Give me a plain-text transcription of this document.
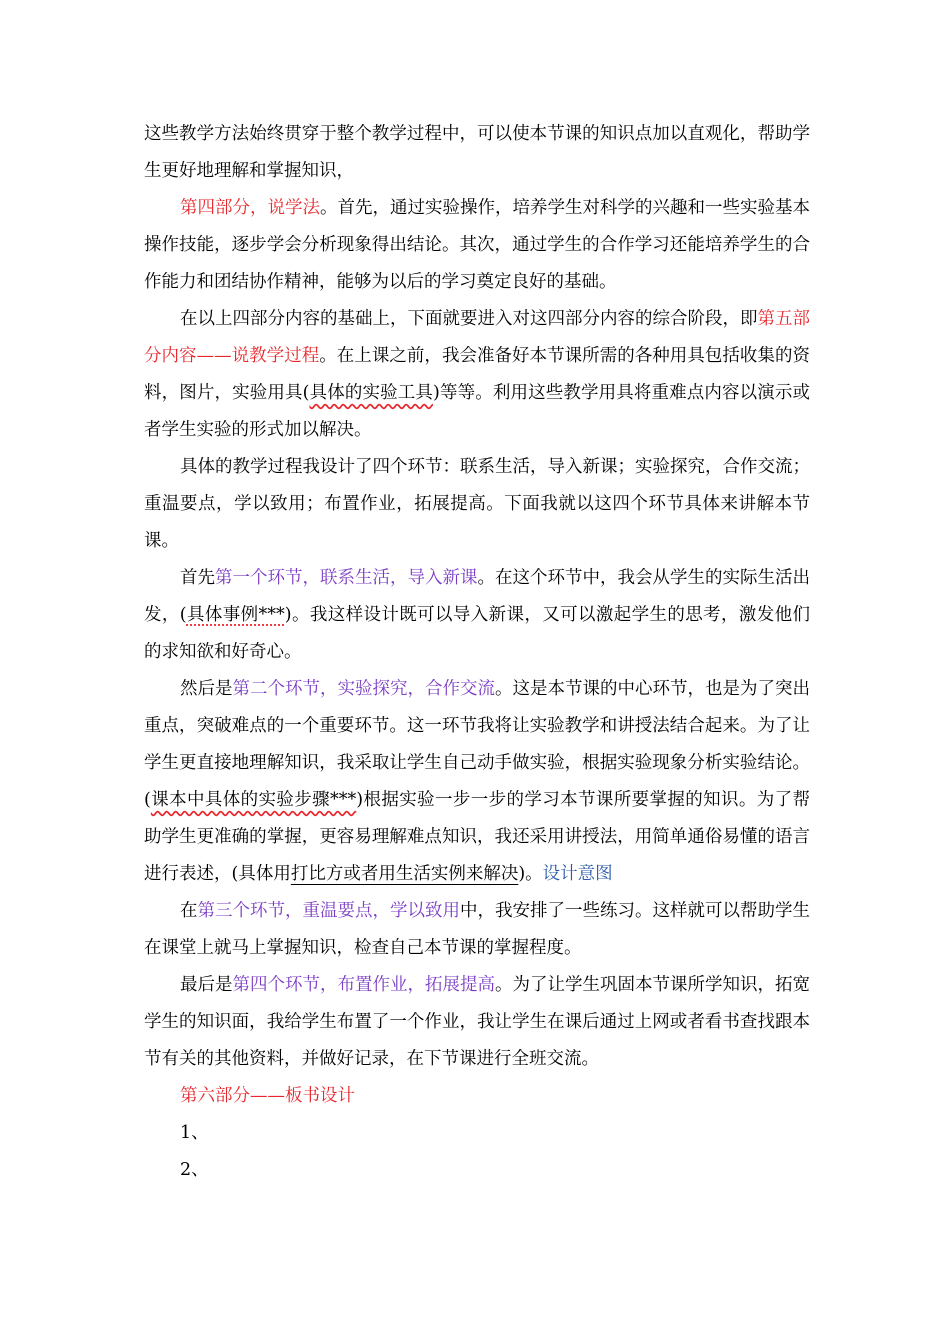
这些教学方法始终贯穿于整个教学过程中，可以使本节课的知识点加以直观化，帮助学生更好地理解和掌握知识，

第四部分，说学法。首先，通过实验操作，培养学生对科学的兴趣和一些实验基本操作技能，逐步学会分析现象得出结论。其次，通过学生的合作学习还能培养学生的合作能力和团结协作精神，能够为以后的学习奠定良好的基础。

在以上四部分内容的基础上，下面就要进入对这四部分内容的综合阶段，即第五部分内容——说教学过程。在上课之前，我会准备好本节课所需的各种用具包括收集的资料，图片，实验用具(具体的实验工具)等等。利用这些教学用具将重难点内容以演示或者学生实验的形式加以解决。

具体的教学过程我设计了四个环节：联系生活，导入新课；实验探究，合作交流；重温要点，学以致用；布置作业，拓展提高。下面我就以这四个环节具体来讲解本节课。

首先第一个环节，联系生活，导入新课。在这个环节中，我会从学生的实际生活出发，(具体事例***)。我这样设计既可以导入新课，又可以激起学生的思考，激发他们的求知欲和好奇心。

然后是第二个环节，实验探究，合作交流。这是本节课的中心环节，也是为了突出重点，突破难点的一个重要环节。这一环节我将让实验教学和讲授法结合起来。为了让学生更直接地理解知识，我采取让学生自己动手做实验，根据实验现象分析实验结论。(课本中具体的实验步骤***)根据实验一步一步的学习本节课所要掌握的知识。为了帮助学生更准确的掌握，更容易理解难点知识，我还采用讲授法，用简单通俗易懂的语言进行表述，(具体用打比方或者用生活实例来解决)。设计意图

在第三个环节，重温要点，学以致用中，我安排了一些练习。这样就可以帮助学生在课堂上就马上掌握知识，检查自己本节课的掌握程度。

最后是第四个环节，布置作业，拓展提高。为了让学生巩固本节课所学知识，拓宽学生的知识面，我给学生布置了一个作业，我让学生在课后通过上网或者看书查找跟本节有关的其他资料，并做好记录，在下节课进行全班交流。

第六部分——板书设计

1、

2、
